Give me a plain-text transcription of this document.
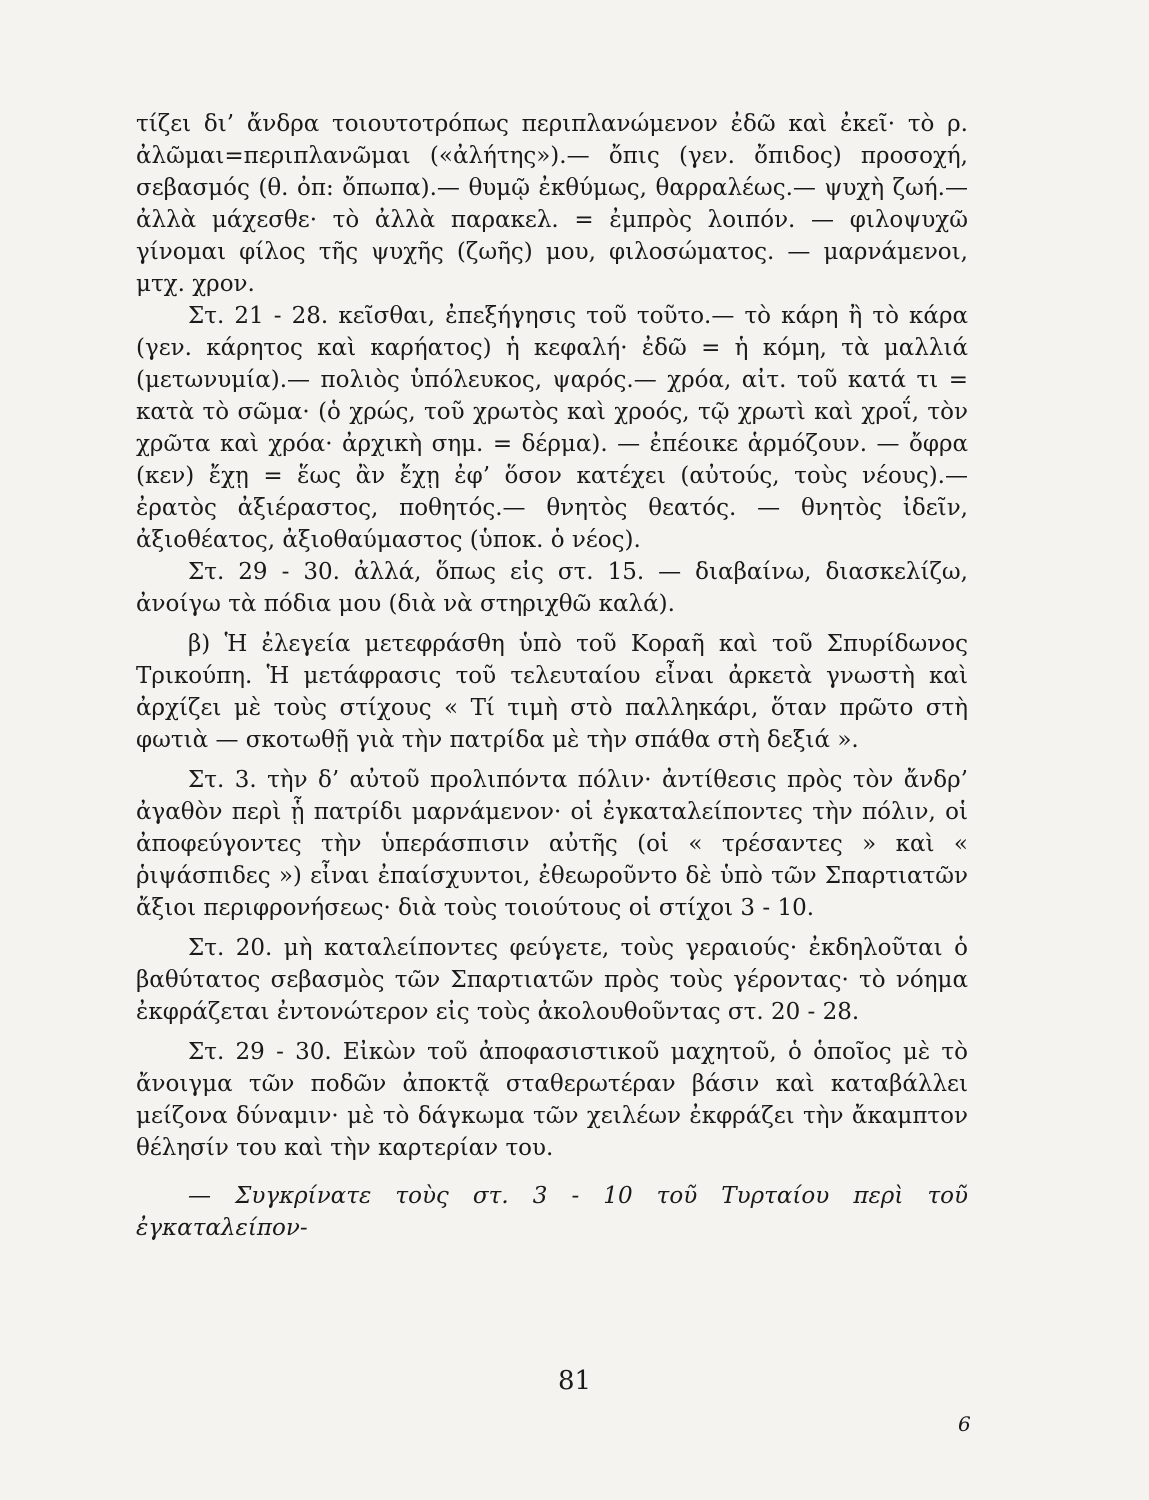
τίζει δι’ ἄνδρα τοιουτοτρόπως περιπλανώμενον ἐδῶ καὶ ἐκεῖ· τὸ ρ. ἀλῶμαι=περιπλανῶμαι («ἀλήτης»).— ὄπις (γεν. ὄπιδος) προσοχή, σεβασμός (θ. ὀπ: ὄπωπα).— θυμῷ ἐκθύμως, θαρραλέως.— ψυχὴ ζωή.— ἀλλὰ μάχεσθε· τὸ ἀλλὰ παρακελ. = ἐμπρὸς λοιπόν. — φιλοψυχῶ γίνομαι φίλος τῆς ψυχῆς (ζωῆς) μου, φιλοσώματος. — μαρνάμενοι, μτχ. χρον.

Στ. 21 - 28. κεῖσθαι, ἐπεξήγησις τοῦ τοῦτο.— τὸ κάρη ἢ τὸ κάρα (γεν. κάρητος καὶ καρήατος) ἡ κεφαλή· ἐδῶ = ἡ κόμη, τὰ μαλλιά (μετωνυμία).— πολιὸς ὑπόλευκος, ψαρός.— χρόα, αἰτ. τοῦ κατά τι = κατὰ τὸ σῶμα· (ὁ χρώς, τοῦ χρωτὸς καὶ χροός, τῷ χρωτὶ καὶ χροΐ, τὸν χρῶτα καὶ χρόα· ἀρχικὴ σημ. = δέρμα). — ἐπέοικε ἁρμόζουν. — ὄφρα (κεν) ἔχῃ = ἕως ἂν ἔχῃ ἐφ’ ὅσον κατέχει (αὐτούς, τοὺς νέους).— ἐρατὸς ἀξιέραστος, ποθητός.— θνητὸς θεατός. — θνητὸς ἰδεῖν, ἀξιοθέατος, ἀξιοθαύμαστος (ὑποκ. ὁ νέος).

Στ. 29 - 30. ἀλλά, ὅπως εἰς στ. 15. — διαβαίνω, διασκελίζω, ἀνοίγω τὰ πόδια μου (διὰ νὰ στηριχθῶ καλά).

β) Ἡ ἐλεγεία μετεφράσθη ὑπὸ τοῦ Κοραῆ καὶ τοῦ Σπυρίδωνος Τρικούπη. Ἡ μετάφρασις τοῦ τελευταίου εἶναι ἀρκετὰ γνωστὴ καὶ ἀρχίζει μὲ τοὺς στίχους « Τί τιμὴ στὸ παλληκάρι, ὅταν πρῶτο στὴ φωτιὰ — σκοτωθῇ γιὰ τὴν πατρίδα μὲ τὴν σπάθα στὴ δεξιά ».

Στ. 3. τὴν δ’ αὐτοῦ προλιπόντα πόλιν· ἀντίθεσις πρὸς τὸν ἄνδρ’ ἀγαθὸν περὶ ᾗ πατρίδι μαρνάμενον· οἱ ἐγκαταλείποντες τὴν πόλιν, οἱ ἀποφεύγοντες τὴν ὑπεράσπισιν αὐτῆς (οἱ « τρέσαντες » καὶ « ῥιψάσπιδες ») εἶναι ἐπαίσχυντοι, ἐθεωροῦντο δὲ ὑπὸ τῶν Σπαρτιατῶν ἄξιοι περιφρονήσεως· διὰ τοὺς τοιούτους οἱ στίχοι 3 - 10.

Στ. 20. μὴ καταλείποντες φεύγετε, τοὺς γεραιούς· ἐκδηλοῦται ὁ βαθύτατος σεβασμὸς τῶν Σπαρτιατῶν πρὸς τοὺς γέροντας· τὸ νόημα ἐκφράζεται ἐντονώτερον εἰς τοὺς ἀκολουθοῦντας στ. 20 - 28.

Στ. 29 - 30. Εἰκὼν τοῦ ἀποφασιστικοῦ μαχητοῦ, ὁ ὁποῖος μὲ τὸ ἄνοιγμα τῶν ποδῶν ἀποκτᾷ σταθερωτέραν βάσιν καὶ καταβάλλει μείζονα δύναμιν· μὲ τὸ δάγκωμα τῶν χειλέων ἐκφράζει τὴν ἄκαμπτον θέλησίν του καὶ τὴν καρτερίαν του.

— Συγκρίνατε τοὺς στ. 3 - 10 τοῦ Τυρταίου περὶ τοῦ ἐγκαταλείπον-

81
6
